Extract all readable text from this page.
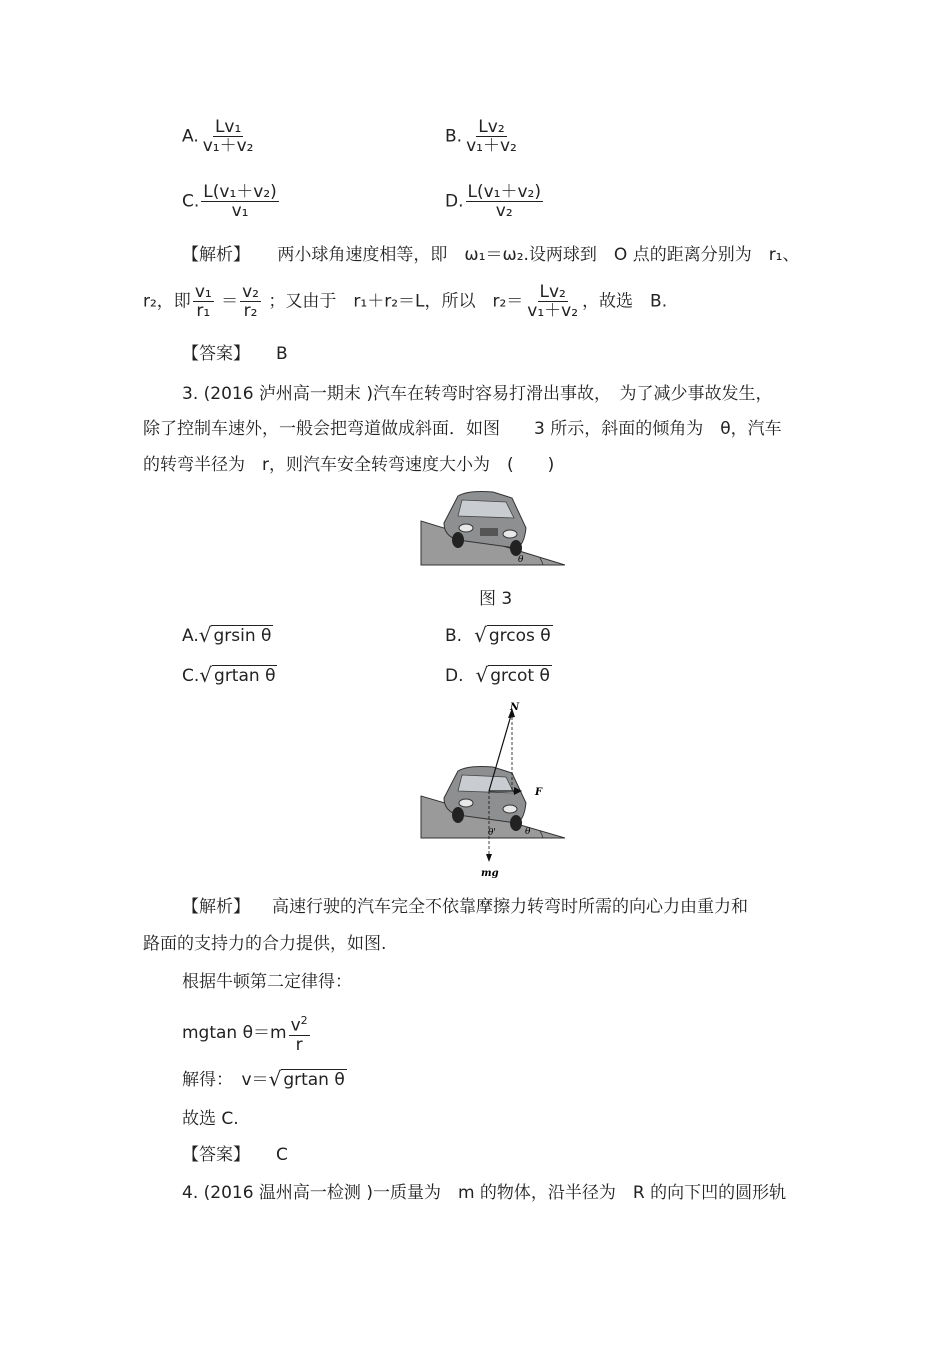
A. $\frac{\text{Lv₁}}{\text{v₁＋v₂}}$	B. $\frac{\text{Lv₂}}{\text{v₁＋v₂}}$
C. $\frac{\text{L(v₁＋v₂)}}{\text{v₁}}$	D. $\frac{\text{L(v₁＋v₂)}}{\text{v₂}}$
【解析】 两小球角速度相等，即　ω₁＝ω₂.设两球到　O 点的距离分别为　r₁、
r₂，即 $\frac{\text{v₁}}{\text{r₁}} = \frac{\text{v₂}}{\text{r₂}}$ ；又由于　r₁＋r₂＝L，所以　$r_2= \frac{\text{Lv₂}}{\text{v₁＋v₂}}$ ，故选　B.
【答案】 B
3. (2016 泸州高一期末 )汽车在转弯时容易打滑出事故，　为了减少事故发生，
除了控制车速外，一般会把弯道做成斜面．如图　　3 所示，斜面的倾角为　θ，汽车
的转弯半径为　r，则汽车安全转弯速度大小为　(　　)
θ
图 3
A.√ grsin θ	B. √ grcos θ
C.√ grtan θ	D. √ grcot θ
N
F
mg
θ'	θ
【解析】 高速行驶的汽车完全不依靠摩擦力转弯时所需的向心力由重力和
路面的支持力的合力提供，如图.
根据牛顿第二定律得：
mgtan $\theta=m \frac{v^2}{r}$
解得：　v＝√ grtan θ
故选 C.
【答案】 C
4. (2016 温州高一检测 )一质量为　m 的物体，沿半径为　R 的向下凹的圆形轨
